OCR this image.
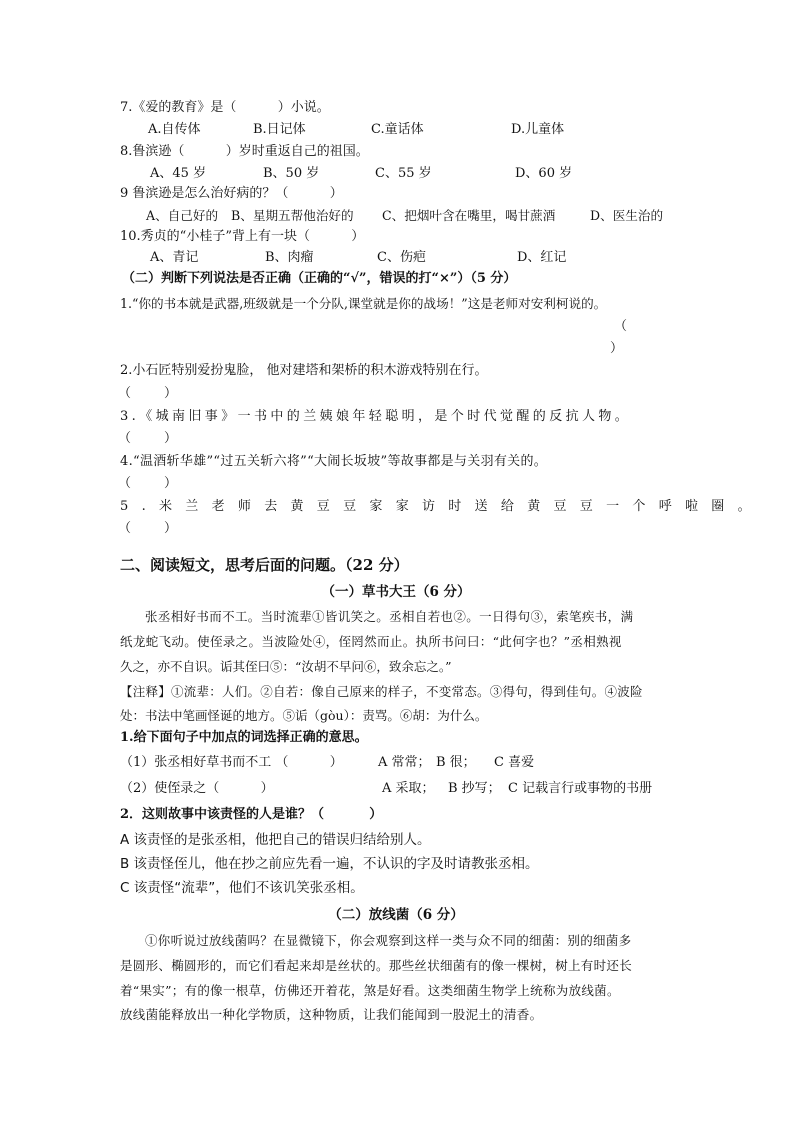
7.《爱的教育》是（          ）小说。
A.自传体	B.日记体	C.童话体	D.儿童体
8.鲁滨逊（          ）岁时重返自己的祖国。
A、45 岁	B、50 岁	C、55 岁	D、60 岁
9 鲁滨逊是怎么治好病的？（          ）
A、自己好的	B、星期五帮他治好的	C、把烟叶含在嘴里，喝甘蔗酒	D、医生治的
10.秀贞的“小桂子”背上有一块（          ）
A、青记	B、肉瘤	C、伤疤	D、红记
（二）判断下列说法是否正确（正确的“√”，错误的打“×”）（5 分）
1.“你的书本就是武器,班级就是一个分队,课堂就是你的战场！”这是老师对安利柯说的。
（
）
2.小石匠特别爱扮鬼脸， 他对建塔和架桥的积木游戏特别在行。
（        ）
3.《城南旧事》一书中的兰姨娘年轻聪明，是个时代觉醒的反抗人物。
（        ）
4.“温酒斩华雄”“过五关斩六将”“大闹长坂坡”等故事都是与关羽有关的。
（        ）
5.米兰老师去黄豆豆家家访时送给黄豆豆一个呼啦圈。
（        ）
二、阅读短文，思考后面的问题。（22 分）
（一）草书大王（6 分）
张丞相好书而不工。当时流辈①皆讥笑之。丞相自若也②。一日得句③，索笔疾书，满
纸龙蛇飞动。使侄录之。当波险处④，侄罔然而止。执所书问曰：“此何字也？”丞相熟视
久之，亦不自识。诟其侄曰⑤：“汝胡不早问⑥，致余忘之。”
【注释】①流辈：人们。②自若：像自己原来的样子，不变常态。③得句，得到佳句。④波险
处：书法中笔画怪诞的地方。⑤诟（gòu）：责骂。⑥胡：为什么。
1.给下面句子中加点的词选择正确的意思。
（1）张丞相好草书而不工 （          ）	A 常常； B 很；	C 喜爱
（2）使侄录之（          ）	A 采取；	B 抄写； C 记载言行或事物的书册
2．这则故事中该责怪的人是谁？（          ）
A 该责怪的是张丞相，他把自己的错误归结给别人。
B 该责怪侄儿，他在抄之前应先看一遍，不认识的字及时请教张丞相。
C 该责怪“流辈”，他们不该讥笑张丞相。
（二）放线菌（6 分）
①你听说过放线菌吗？在显微镜下，你会观察到这样一类与众不同的细菌：别的细菌多
是圆形、椭圆形的，而它们看起来却是丝状的。那些丝状细菌有的像一棵树，树上有时还长
着“果实”；有的像一根草，仿佛还开着花，煞是好看。这类细菌生物学上统称为放线菌。
放线菌能释放出一种化学物质，这种物质，让我们能闻到一股泥土的清香。
